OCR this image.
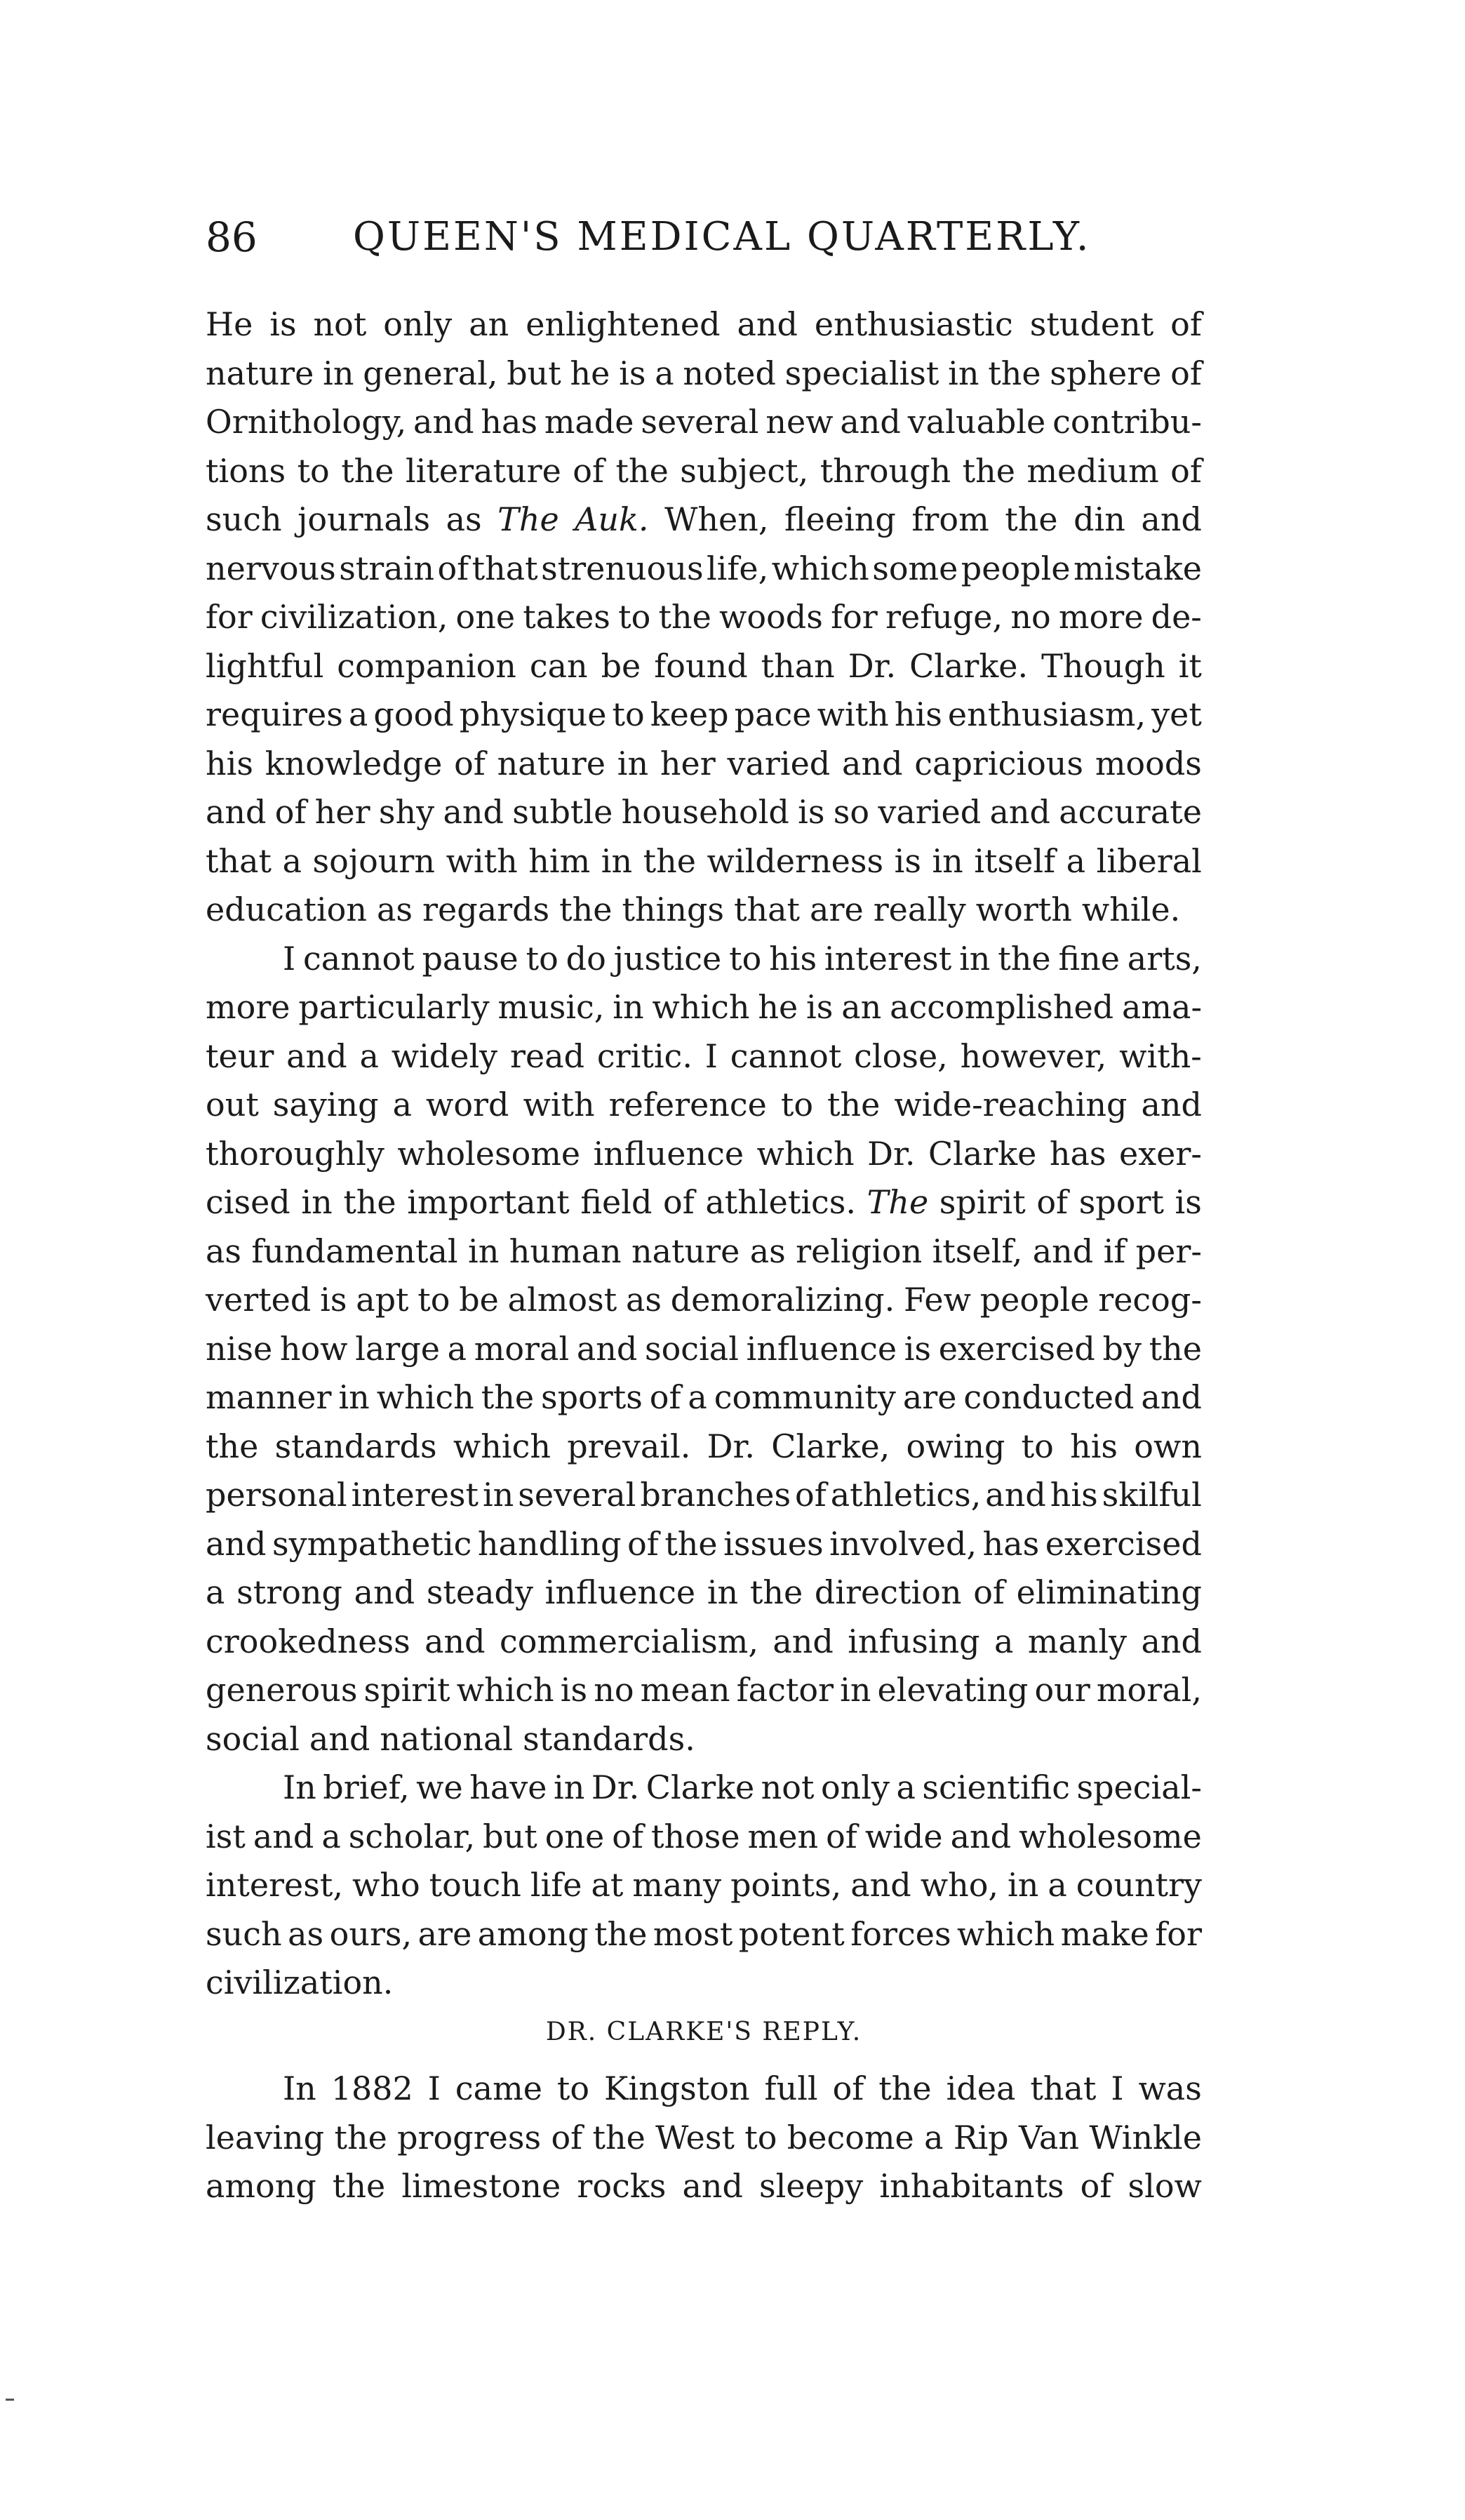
86 QUEEN'S MEDICAL QUARTERLY.
He is not only an enlightened and enthusiastic student of
nature in general, but he is a noted specialist in the sphere of
Ornithology, and has made several new and valuable contribu-
tions to the literature of the subject, through the medium of
such journals as The Auk. When, fleeing from the din and
nervous strain of that strenuous life, which some people mistake
for civilization, one takes to the woods for refuge, no more de-
lightful companion can be found than Dr. Clarke. Though it
requires a good physique to keep pace with his enthusiasm, yet
his knowledge of nature in her varied and capricious moods
and of her shy and subtle household is so varied and accurate
that a sojourn with him in the wilderness is in itself a liberal
education as regards the things that are really worth while.
I cannot pause to do justice to his interest in the fine arts,
more particularly music, in which he is an accomplished ama-
teur and a widely read critic. I cannot close, however, with-
out saying a word with reference to the wide-reaching and
thoroughly wholesome influence which Dr. Clarke has exer-
cised in the important field of athletics. The spirit of sport is
as fundamental in human nature as religion itself, and if per-
verted is apt to be almost as demoralizing. Few people recog-
nise how large a moral and social influence is exercised by the
manner in which the sports of a community are conducted and
the standards which prevail. Dr. Clarke, owing to his own
personal interest in several branches of athletics, and his skilful
and sympathetic handling of the issues involved, has exercised
a strong and steady influence in the direction of eliminating
crookedness and commercialism, and infusing a manly and
generous spirit which is no mean factor in elevating our moral,
social and national standards.
In brief, we have in Dr. Clarke not only a scientific special-
ist and a scholar, but one of those men of wide and wholesome
interest, who touch life at many points, and who, in a country
such as ours, are among the most potent forces which make for
civilization.
DR. CLARKE'S REPLY.
In 1882 I came to Kingston full of the idea that I was
leaving the progress of the West to become a Rip Van Winkle
among the limestone rocks and sleepy inhabitants of slow
